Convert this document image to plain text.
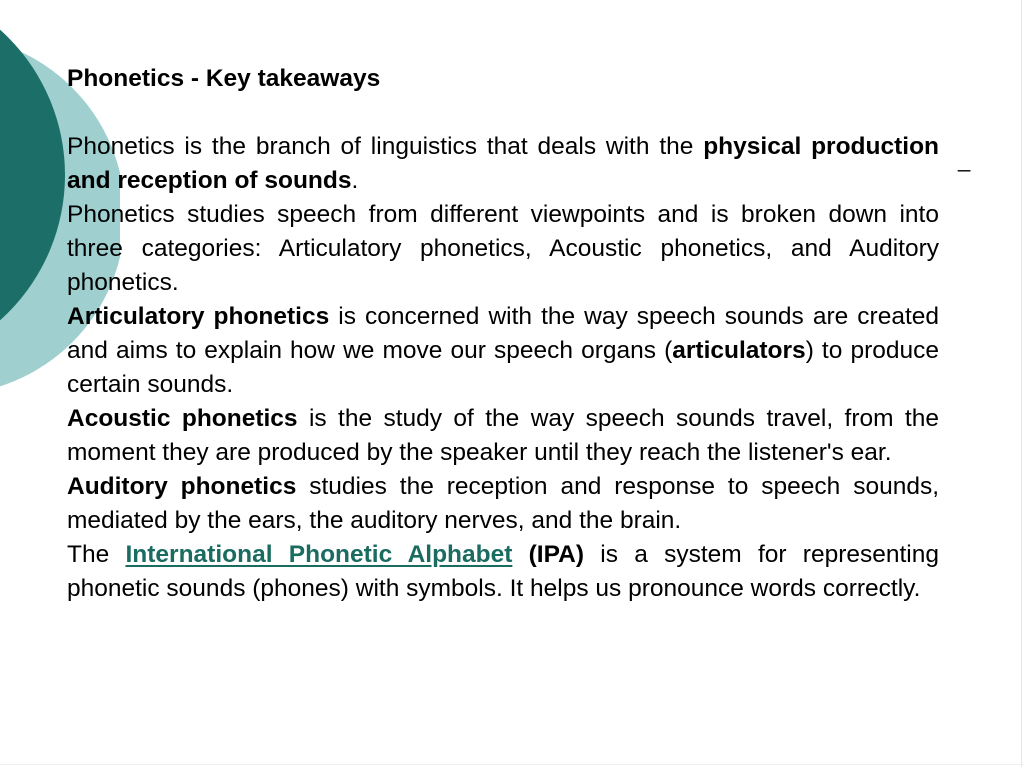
_
Phonetics - Key takeaways

Phonetics is the branch of linguistics that deals with the physical production and reception of sounds.

Phonetics studies speech from different viewpoints and is broken down into three categories: Articulatory phonetics, Acoustic phonetics, and Auditory phonetics.

Articulatory phonetics is concerned with the way speech sounds are created and aims to explain how we move our speech organs (articulators) to produce certain sounds.

Acoustic phonetics is the study of the way speech sounds travel, from the moment they are produced by the speaker until they reach the listener's ear.

Auditory phonetics studies the reception and response to speech sounds, mediated by the ears, the auditory nerves, and the brain.

The International Phonetic Alphabet (IPA) is a system for representing phonetic sounds (phones) with symbols. It helps us pronounce words correctly.
